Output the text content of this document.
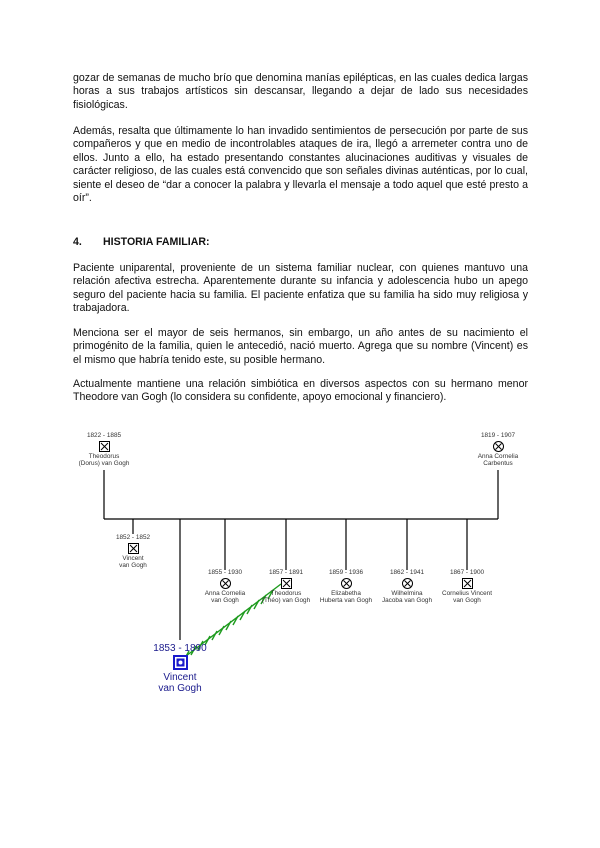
gozar de semanas de mucho brío que denomina manías epilépticas, en las cuales dedica largas horas a sus trabajos artísticos sin descansar, llegando a dejar de lado sus necesidades fisiológicas.

Además, resalta que últimamente lo han invadido sentimientos de persecución por parte de sus compañeros y que en medio de incontrolables ataques de ira, llegó a arremeter contra uno de ellos. Junto a ello, ha estado presentando constantes alucinaciones auditivas y visuales de carácter religioso, de las cuales está convencido que son señales divinas auténticas, por lo cual, siente el deseo de “dar a conocer la palabra y llevarla el mensaje a todo aquel que esté presto a oír”.

4. HISTORIA FAMILIAR:

Paciente uniparental, proveniente de un sistema familiar nuclear, con quienes mantuvo una relación afectiva estrecha. Aparentemente durante su infancia y adolescencia hubo un apego seguro del paciente hacia su familia. El paciente enfatiza que su familia ha sido muy religiosa y trabajadora.

Menciona ser el mayor de seis hermanos, sin embargo, un año antes de su nacimiento el primogénito de la familia, quien le antecedió, nació muerto. Agrega que su nombre (Vincent) es el mismo que habría tenido este, su posible hermano.

Actualmente mantiene una relación simbiótica en diversos aspectos con su hermano menor Theodore van Gogh (lo considera su confidente, apoyo emocional y financiero).

1822 - 1885
Theodorus
(Dorus) van Gogh
1819 - 1907
Anna Cornelia
Carbentus
1852 - 1852
Vincent
van Gogh
1855 - 1930
Anna Cornelia
van Gogh
1857 - 1891
Theodorus
(Théo) van Gogh
1859 - 1936
Elizabetha
Huberta van Gogh
1862 - 1941
Wilhelmina
Jacoba van Gogh
1867 - 1900
Cornelius Vincent
van Gogh
1853 - 1890
Vincent
van Gogh
